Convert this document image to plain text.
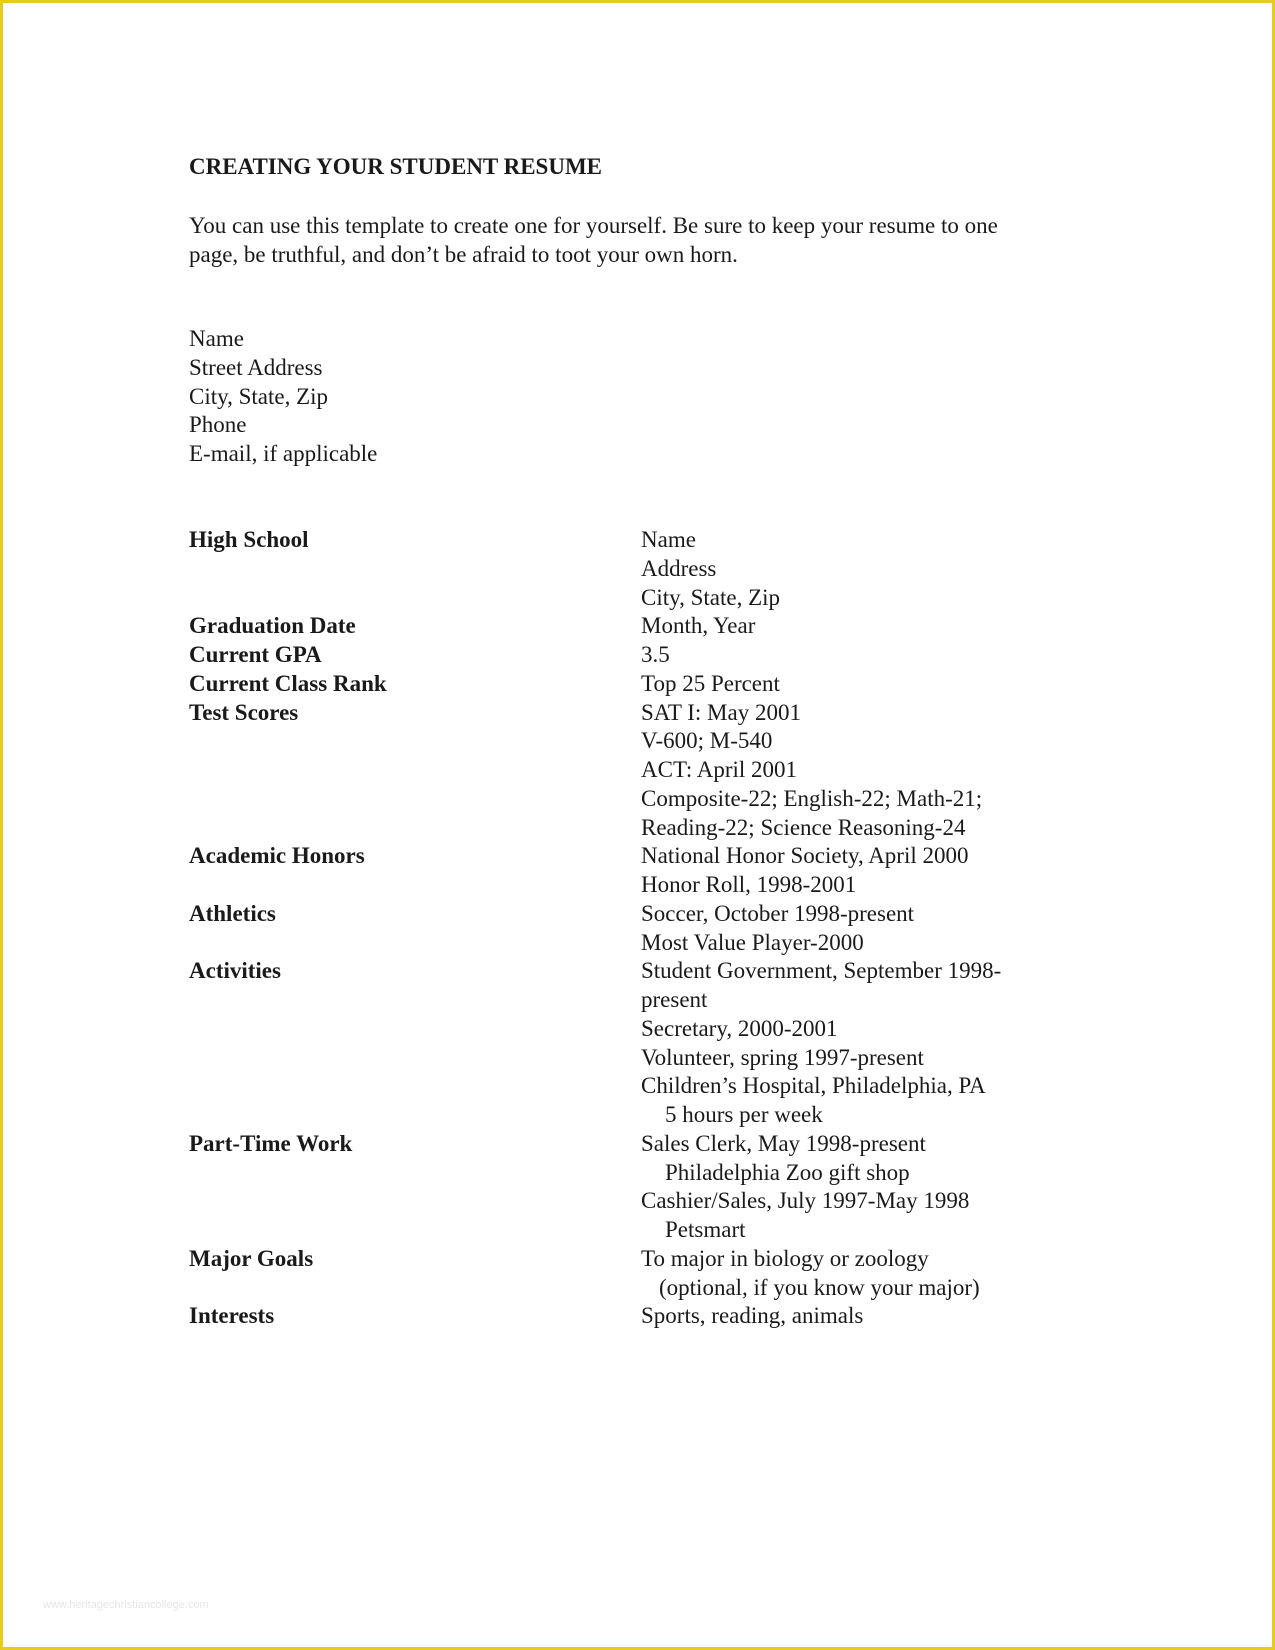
CREATING YOUR STUDENT RESUME

You can use this template to create one for yourself. Be sure to keep your resume to one
page, be truthful, and don’t be afraid to toot your own horn.

Name
Street Address
City, State, Zip
Phone
E-mail, if applicable
High School	Name
Address
City, State, Zip
Graduation Date	Month, Year
Current GPA	3.5
Current Class Rank	Top 25 Percent
Test Scores	SAT I: May 2001
V-600; M-540
ACT: April 2001
Composite-22; English-22; Math-21;
Reading-22; Science Reasoning-24
Academic Honors	National Honor Society, April 2000
Honor Roll, 1998-2001
Athletics	Soccer, October 1998-present
Most Value Player-2000
Activities	Student Government, September 1998-
present
Secretary, 2000-2001
Volunteer, spring 1997-present
Children’s Hospital, Philadelphia, PA
5 hours per week
Part-Time Work	Sales Clerk, May 1998-present
Philadelphia Zoo gift shop
Cashier/Sales, July 1997-May 1998
Petsmart
Major Goals	To major in biology or zoology
(optional, if you know your major)
Interests	Sports, reading, animals
www.heritagechristiancollege.com
